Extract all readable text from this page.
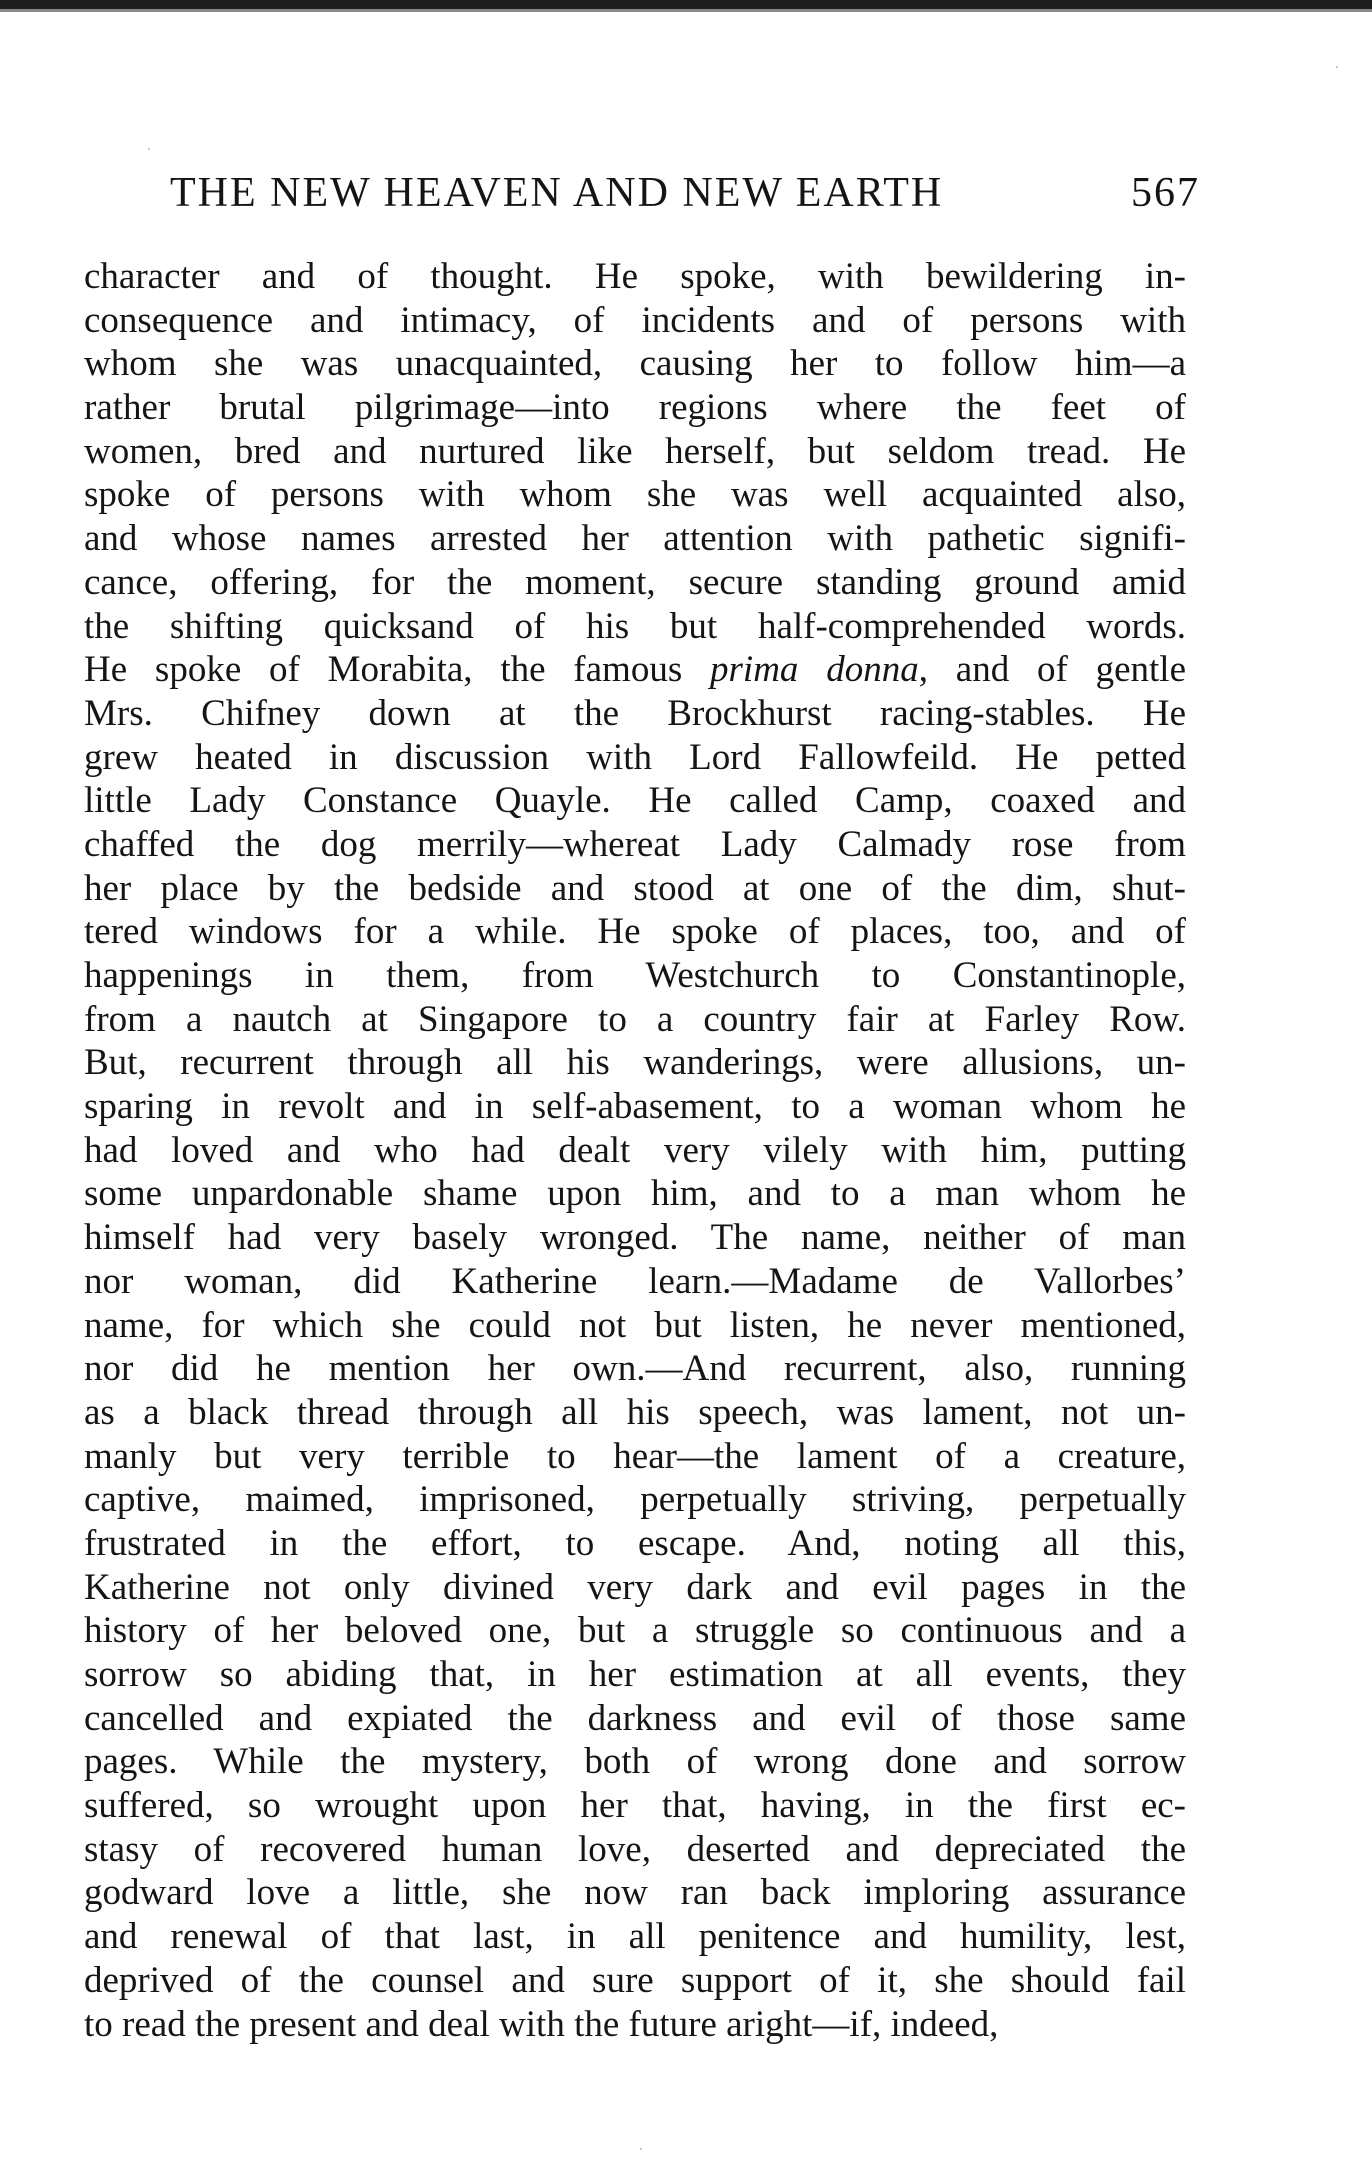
THE NEW HEAVEN AND NEW EARTH	567
character and of thought. He spoke, with bewildering in-
consequence and intimacy, of incidents and of persons with
whom she was unacquainted, causing her to follow him—a
rather brutal pilgrimage—into regions where the feet of
women, bred and nurtured like herself, but seldom tread. He
spoke of persons with whom she was well acquainted also,
and whose names arrested her attention with pathetic signifi-
cance, offering, for the moment, secure standing ground amid
the shifting quicksand of his but half-comprehended words.
He spoke of Morabita, the famous prima donna, and of gentle
Mrs. Chifney down at the Brockhurst racing-stables. He
grew heated in discussion with Lord Fallowfeild. He petted
little Lady Constance Quayle. He called Camp, coaxed and
chaffed the dog merrily—whereat Lady Calmady rose from
her place by the bedside and stood at one of the dim, shut-
tered windows for a while. He spoke of places, too, and of
happenings in them, from Westchurch to Constantinople,
from a nautch at Singapore to a country fair at Farley Row.
But, recurrent through all his wanderings, were allusions, un-
sparing in revolt and in self-abasement, to a woman whom he
had loved and who had dealt very vilely with him, putting
some unpardonable shame upon him, and to a man whom he
himself had very basely wronged. The name, neither of man
nor woman, did Katherine learn.—Madame de Vallorbes’
name, for which she could not but listen, he never mentioned,
nor did he mention her own.—And recurrent, also, running
as a black thread through all his speech, was lament, not un-
manly but very terrible to hear—the lament of a creature,
captive, maimed, imprisoned, perpetually striving, perpetually
frustrated in the effort, to escape. And, noting all this,
Katherine not only divined very dark and evil pages in the
history of her beloved one, but a struggle so continuous and a
sorrow so abiding that, in her estimation at all events, they
cancelled and expiated the darkness and evil of those same
pages. While the mystery, both of wrong done and sorrow
suffered, so wrought upon her that, having, in the first ec-
stasy of recovered human love, deserted and depreciated the
godward love a little, she now ran back imploring assurance
and renewal of that last, in all penitence and humility, lest,
deprived of the counsel and sure support of it, she should fail
to read the present and deal with the future aright—if, indeed,
